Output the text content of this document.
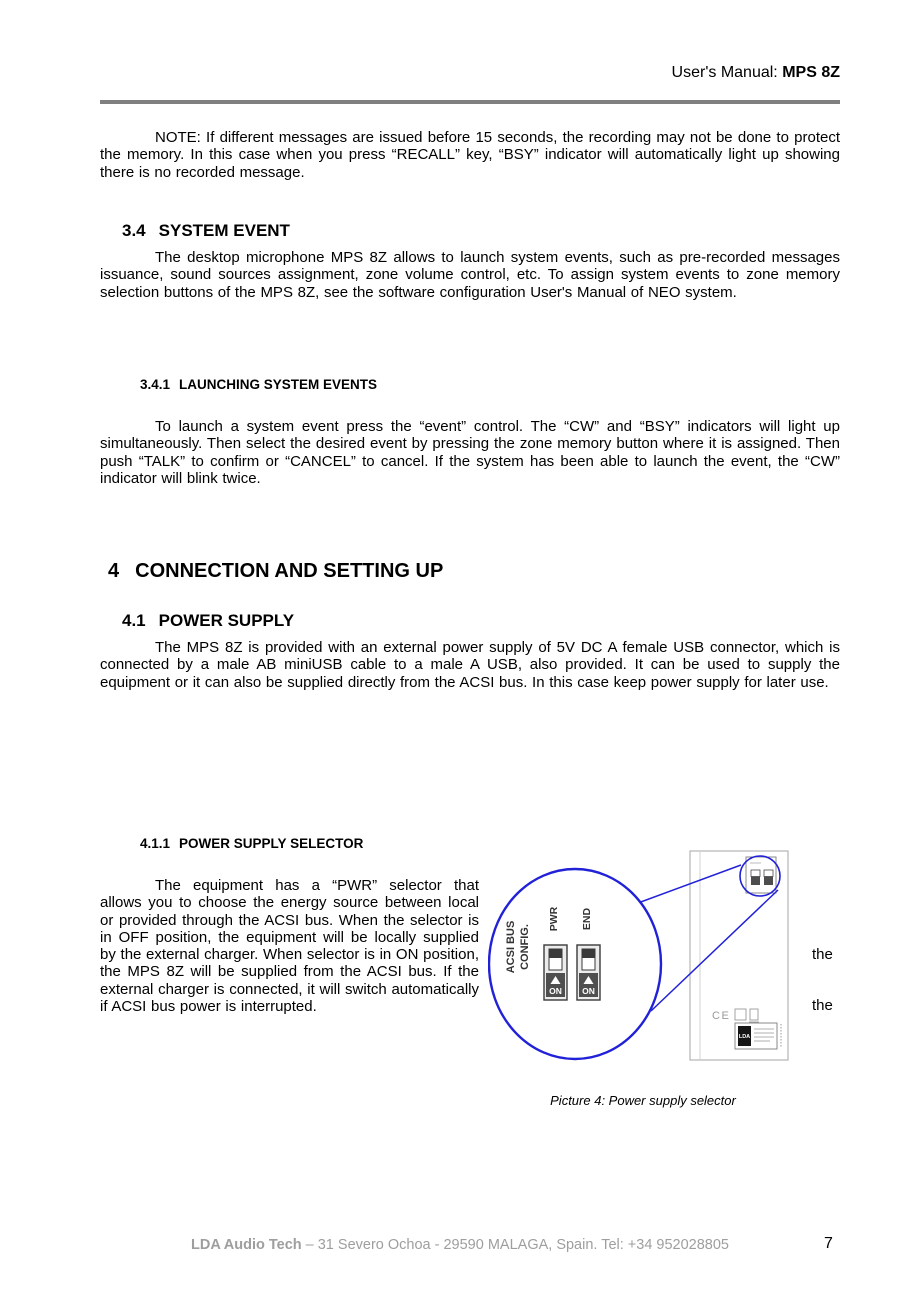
User's Manual: MPS 8Z

NOTE: If different messages are issued before 15 seconds, the recording may not be done to protect the memory. In this case when you press “RECALL” key, “BSY” indicator will automatically light up showing there is no recorded message.

3.4 SYSTEM EVENT

The desktop microphone MPS 8Z allows to launch system events, such as pre-recorded messages issuance, sound sources assignment, zone volume control, etc. To assign system events to zone memory selection buttons of the MPS 8Z, see the software configuration User's Manual of NEO system.

3.4.1 LAUNCHING SYSTEM EVENTS

To launch a system event press the “event” control. The “CW” and “BSY” indicators will light up simultaneously. Then select the desired event by pressing the zone memory button where it is assigned. Then push “TALK” to confirm or “CANCEL” to cancel. If the system has been able to launch the event, the “CW” indicator will blink twice.

4 CONNECTION AND SETTING UP
4.1 POWER SUPPLY

The MPS 8Z is provided with an external power supply of 5V DC A female USB connector, which is connected by a male AB miniUSB cable to a male A USB, also provided. It can be used to supply the equipment or it can also be supplied directly from the ACSI bus. In this case keep power supply for later use.

4.1.1 POWER SUPPLY SELECTOR

The equipment has a “PWR” selector that allows you to choose the energy source between local or provided through the ACSI bus. When the selector is in OFF position, the equipment will be locally supplied by the external charger. When selector is in ON position, the MPS 8Z will be supplied from the ACSI bus. If the external charger is connected, it will switch automatically if ACSI bus power is interrupted.

the
the
ACSI BUS CONFIG.
PWR END
ON ON
CE
LDA
Picture 4: Power supply selector
LDA Audio Tech – 31 Severo Ochoa - 29590 MALAGA, Spain. Tel: +34 952028805	7
